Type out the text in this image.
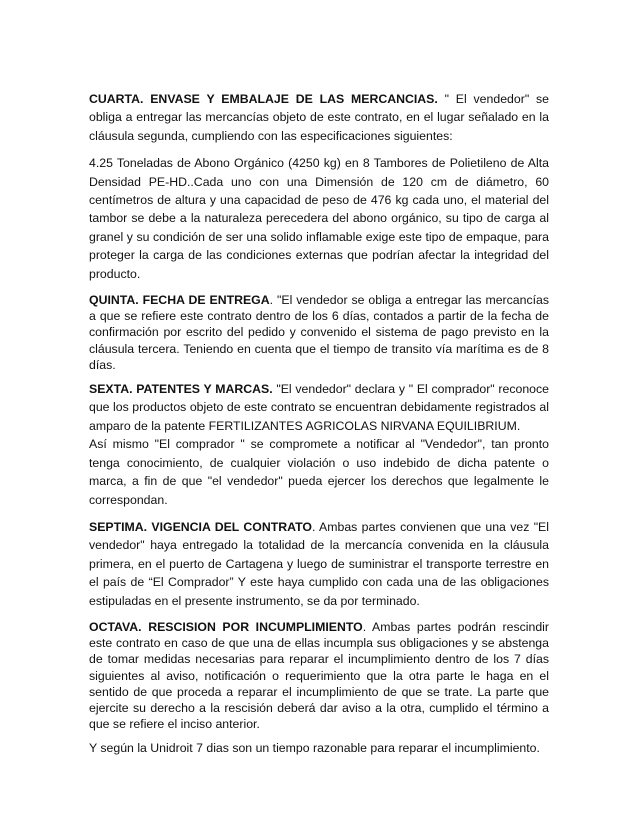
CUARTA. ENVASE Y EMBALAJE DE LAS MERCANCIAS. " El vendedor" se obliga a entregar las mercancías objeto de este contrato, en el lugar señalado en la cláusula segunda, cumpliendo con las especificaciones siguientes:

4.25 Toneladas de Abono Orgánico (4250 kg) en 8 Tambores de Polietileno de Alta Densidad PE-HD..Cada uno con una Dimensión de 120 cm de diámetro, 60 centímetros de altura y una capacidad de peso de 476 kg cada uno, el material del tambor se debe a la naturaleza perecedera del abono orgánico, su tipo de carga al granel y su condición de ser una solido inflamable exige este tipo de empaque, para proteger la carga de las condiciones externas que podrían afectar la integridad del producto.

QUINTA. FECHA DE ENTREGA. "El vendedor se obliga a entregar las mercancías a que se refiere este contrato dentro de los 6 días, contados a partir de la fecha de confirmación por escrito del pedido y convenido el sistema de pago previsto en la cláusula tercera. Teniendo en cuenta que el tiempo de transito vía marítima es de 8 días.

SEXTA. PATENTES Y MARCAS. "El vendedor" declara y " El comprador" reconoce que los productos objeto de este contrato se encuentran debidamente registrados al amparo de la patente FERTILIZANTES AGRICOLAS NIRVANA EQUILIBRIUM.

Así mismo "El comprador " se compromete a notificar al "Vendedor", tan pronto tenga conocimiento, de cualquier violación o uso indebido de dicha patente o marca, a fin de que "el vendedor" pueda ejercer los derechos que legalmente le correspondan.

SEPTIMA. VIGENCIA DEL CONTRATO. Ambas partes convienen que una vez "El vendedor" haya entregado la totalidad de la mercancía convenida en la cláusula primera, en el puerto de Cartagena y luego de suministrar el transporte terrestre en el país de “El Comprador” Y este haya cumplido con cada una de las obligaciones estipuladas en el presente instrumento, se da por terminado.

OCTAVA. RESCISION POR INCUMPLIMIENTO. Ambas partes podrán rescindir este contrato en caso de que una de ellas incumpla sus obligaciones y se abstenga de tomar medidas necesarias para reparar el incumplimiento dentro de los 7 días siguientes al aviso, notificación o requerimiento que la otra parte le haga en el sentido de que proceda a reparar el incumplimiento de que se trate. La parte que ejercite su derecho a la rescisión deberá dar aviso a la otra, cumplido el término a que se refiere el inciso anterior.

Y según la Unidroit 7 dias son un tiempo razonable para reparar el incumplimiento.
